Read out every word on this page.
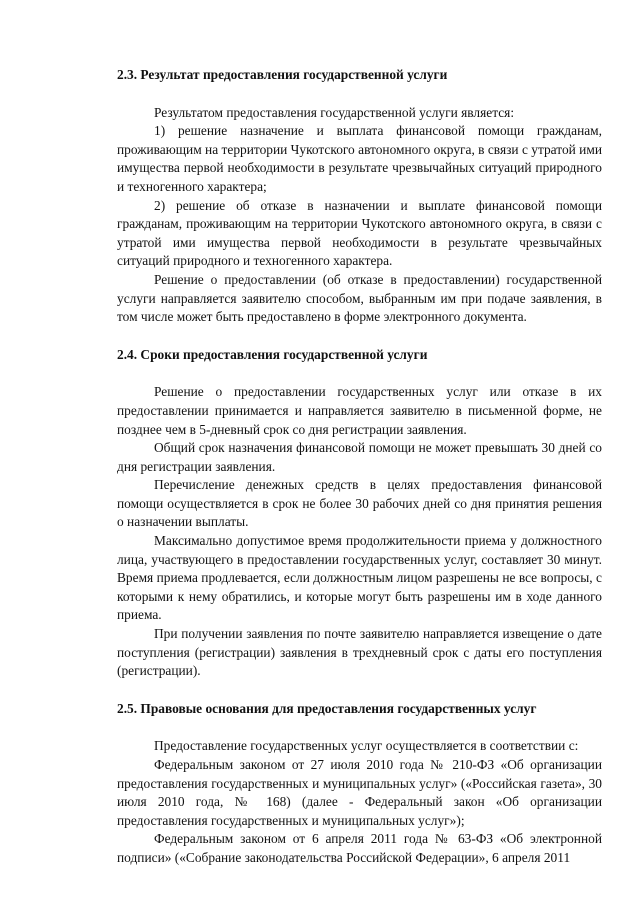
2.3. Результат предоставления государственной услуги

Результатом предоставления государственной услуги является:

1) решение назначение и выплата финансовой помощи гражданам, проживающим на территории Чукотского автономного округа, в связи с утратой ими имущества первой необходимости в результате чрезвычайных ситуаций природного и техногенного характера;

2) решение об отказе в назначении и выплате финансовой помощи гражданам, проживающим на территории Чукотского автономного округа, в связи с утратой ими имущества первой необходимости в результате чрезвычайных ситуаций природного и техногенного характера.

Решение о предоставлении (об отказе в предоставлении) государственной услуги направляется заявителю способом, выбранным им при подаче заявления, в том числе может быть предоставлено в форме электронного документа.

2.4. Сроки предоставления государственной услуги

Решение о предоставлении государственных услуг или отказе в их предоставлении принимается и направляется заявителю в письменной форме, не позднее чем в 5-дневный срок со дня регистрации заявления.

Общий срок назначения финансовой помощи не может превышать 30 дней со дня регистрации заявления.

Перечисление денежных средств в целях предоставления финансовой помощи осуществляется в срок не более 30 рабочих дней со дня принятия решения о назначении выплаты.

Максимально допустимое время продолжительности приема у должностного лица, участвующего в предоставлении государственных услуг, составляет 30 минут. Время приема продлевается, если должностным лицом разрешены не все вопросы, с которыми к нему обратились, и которые могут быть разрешены им в ходе данного приема.

При получении заявления по почте заявителю направляется извещение о дате поступления (регистрации) заявления в трехдневный срок с даты его поступления (регистрации).

2.5. Правовые основания для предоставления государственных услуг

Предоставление государственных услуг осуществляется в соответствии с:

Федеральным законом от 27 июля 2010 года № 210-ФЗ «Об организации предоставления государственных и муниципальных услуг» («Российская газета», 30 июля 2010 года, № 168) (далее - Федеральный закон «Об организации предоставления государственных и муниципальных услуг»);

Федеральным законом от 6 апреля 2011 года № 63-ФЗ «Об электронной подписи» («Собрание законодательства Российской Федерации», 6 апреля 2011
